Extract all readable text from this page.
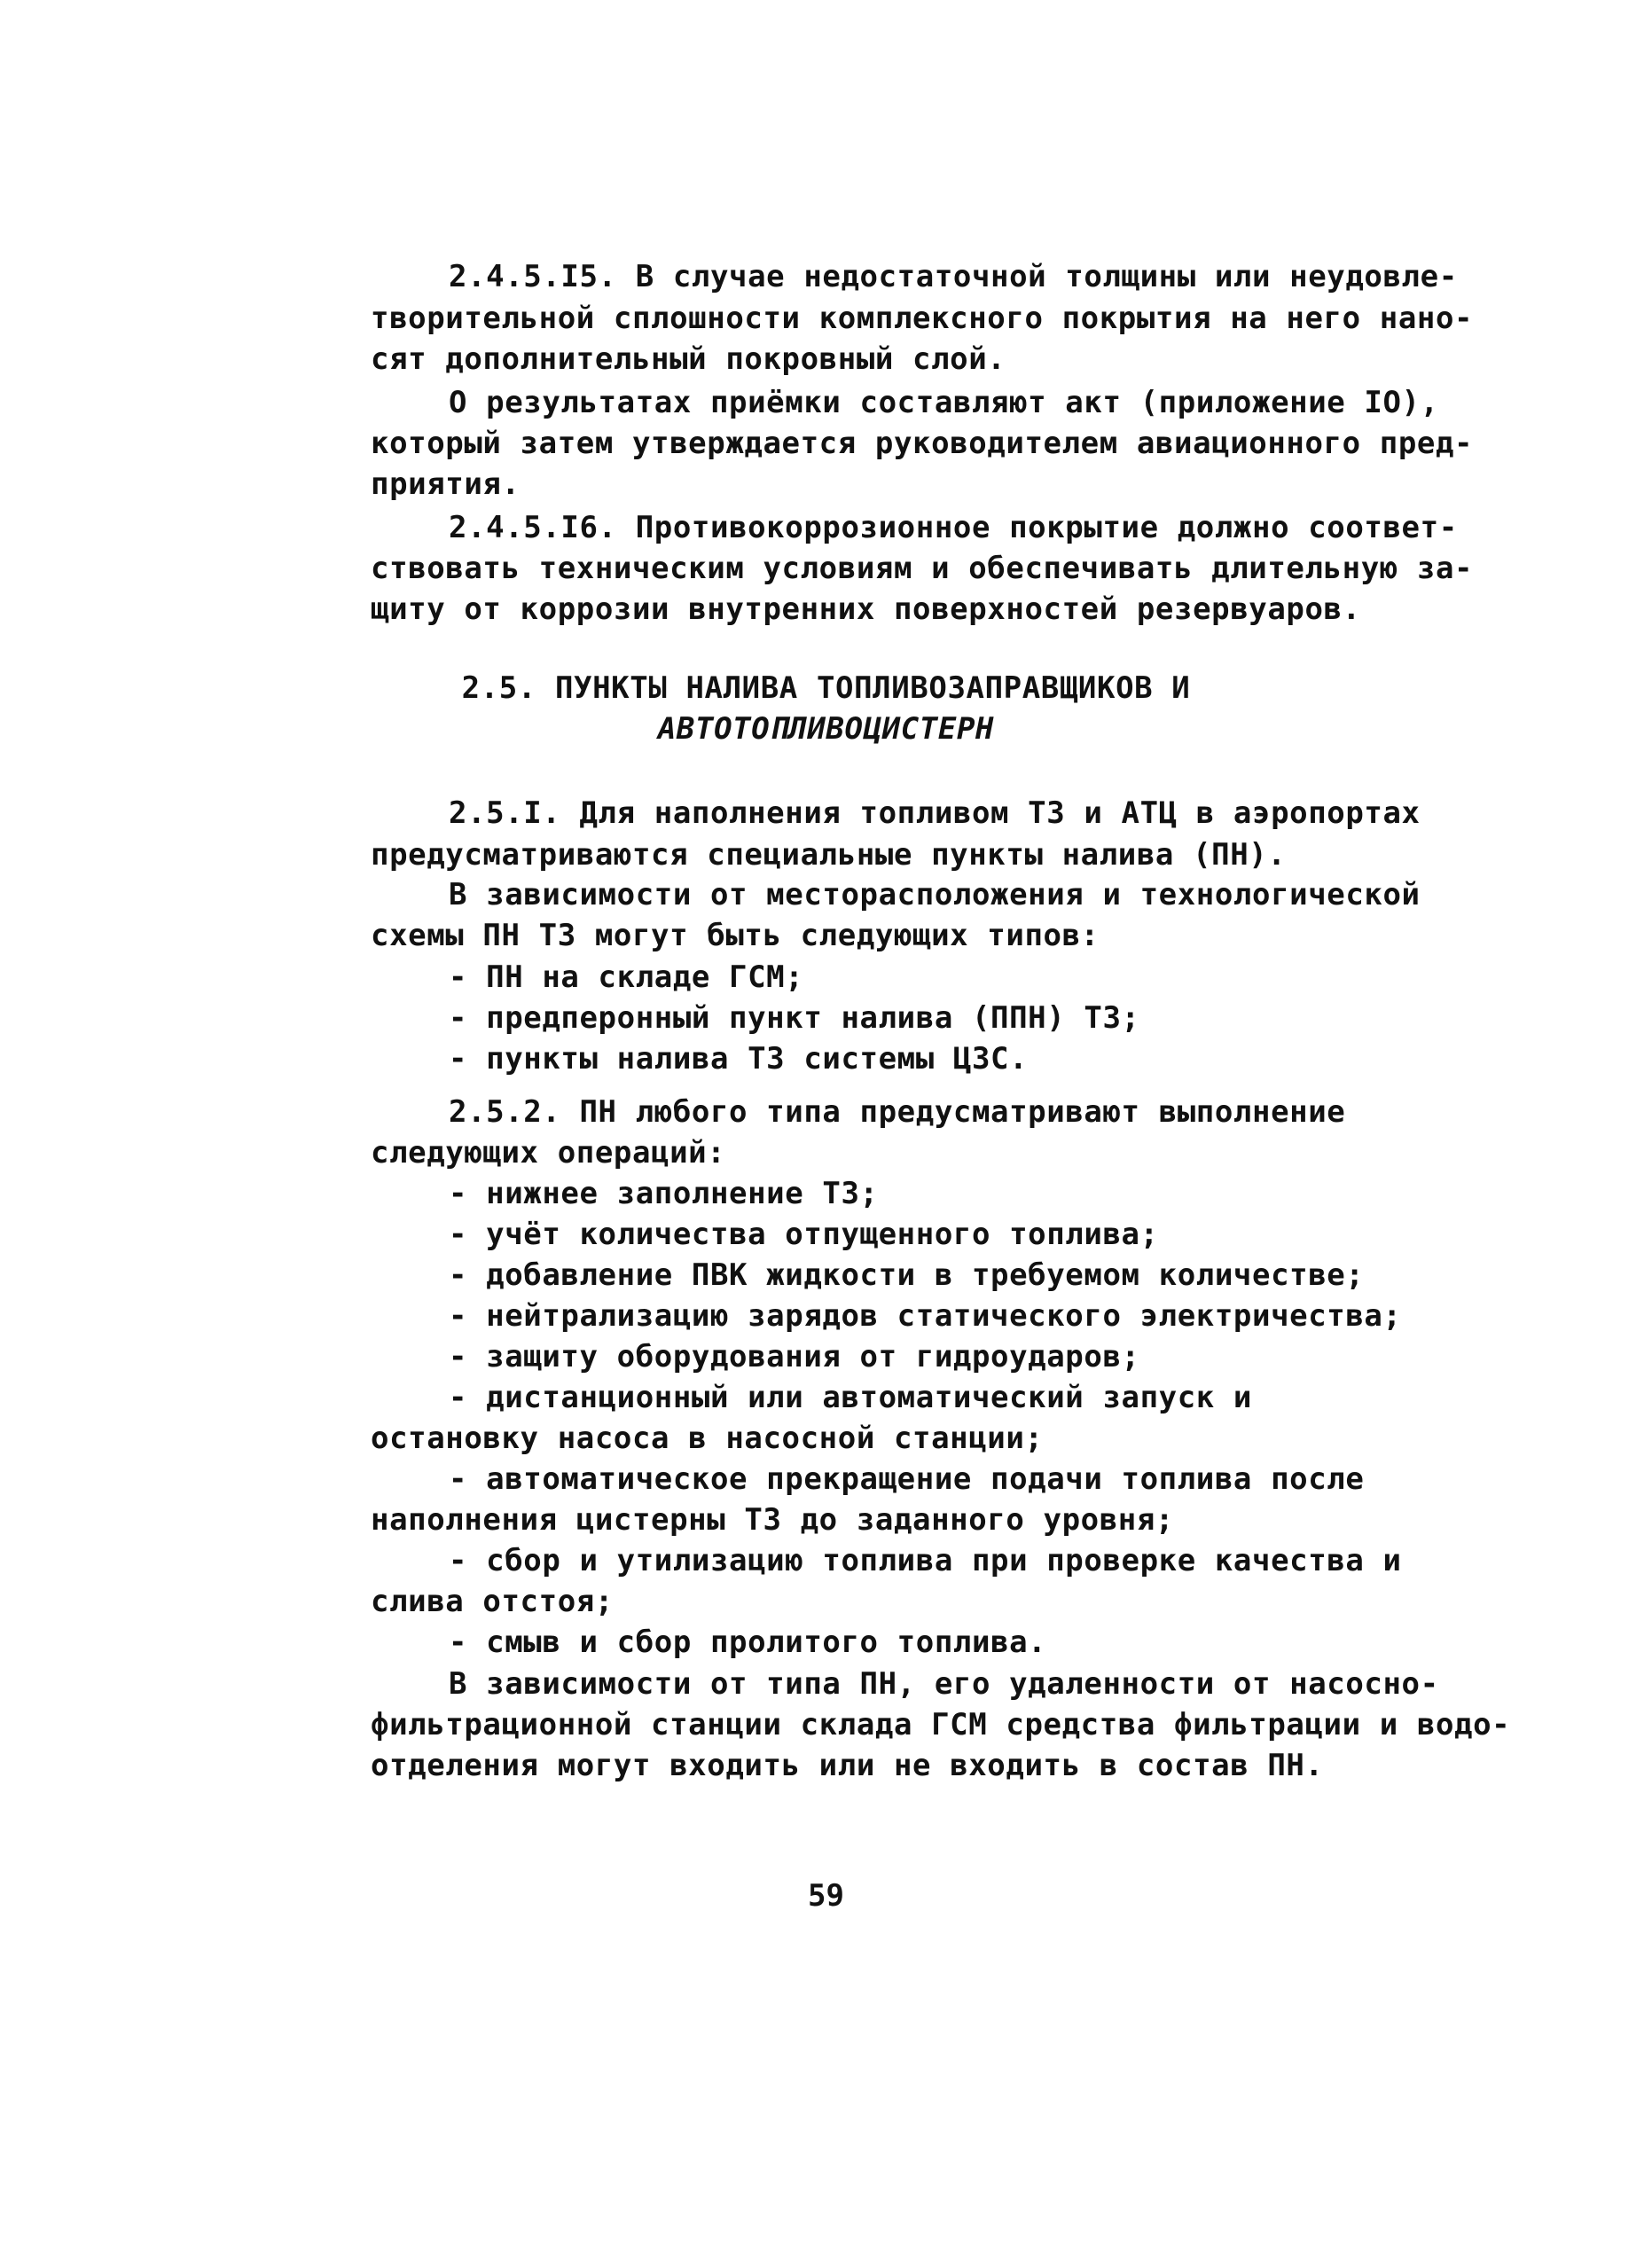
2.4.5.I5. В случае недостаточной толщины или неудовле-
творительной сплошности комплексного покрытия на него нано-
сят дополнительный покровный слой.
О результатах приёмки составляют акт (приложение IO),
который затем утверждается руководителем авиационного пред-
приятия.
2.4.5.I6. Противокоррозионное покрытие должно соответ-
ствовать техническим условиям и обеспечивать длительную за-
щиту от коррозии внутренних поверхностей резервуаров.
2.5. ПУНКТЫ НАЛИВА ТОПЛИВОЗАПРАВЩИКОВ И
АВТОТОПЛИВОЦИСТЕРН
2.5.I. Для наполнения топливом ТЗ и АТЦ в аэропортах
предусматриваются специальные пункты налива (ПН).
В зависимости от месторасположения и технологической
схемы ПН ТЗ могут быть следующих типов:
- ПН на складе ГСМ;
- предперонный пункт налива (ППН) ТЗ;
- пункты налива ТЗ системы ЦЗС.
2.5.2. ПН любого типа предусматривают выполнение
следующих операций:
- нижнее заполнение ТЗ;
- учёт количества отпущенного топлива;
- добавление ПВК жидкости в требуемом количестве;
- нейтрализацию зарядов статического электричества;
- защиту оборудования от гидроударов;
- дистанционный или автоматический запуск и
остановку насоса в насосной станции;
- автоматическое прекращение подачи топлива после
наполнения цистерны ТЗ до заданного уровня;
- сбор и утилизацию топлива при проверке качества и
слива отстоя;
- смыв и сбор пролитого топлива.
В зависимости от типа ПН, его удаленности от насосно-
фильтрационной станции склада ГСМ средства фильтрации и водо-
отделения могут входить или не входить в состав ПН.
59
